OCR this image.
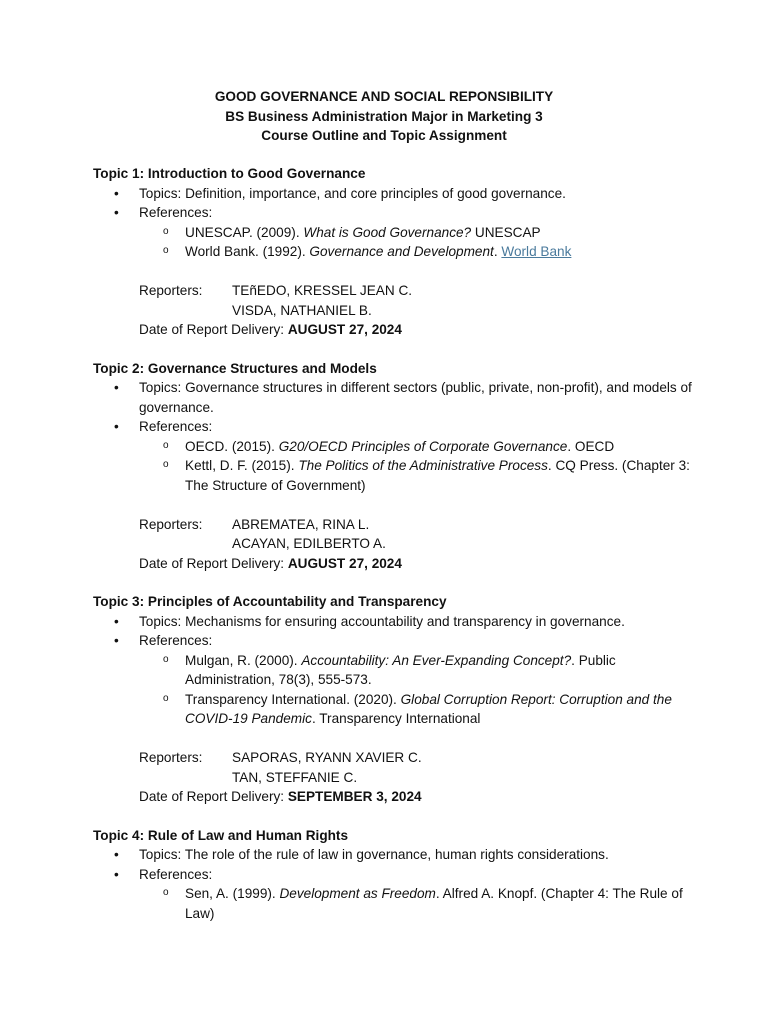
GOOD GOVERNANCE AND SOCIAL REPONSIBILITY
BS Business Administration Major in Marketing 3
Course Outline and Topic Assignment
Topic 1: Introduction to Good Governance
• Topics: Definition, importance, and core principles of good governance.
• References:
o UNESCAP. (2009). What is Good Governance? UNESCAP
o World Bank. (1992). Governance and Development. World Bank
Reporters:	TEñEDO, KRESSEL JEAN C.
VISDA, NATHANIEL B.
Date of Report Delivery: AUGUST 27, 2024
Topic 2: Governance Structures and Models
• Topics: Governance structures in different sectors (public, private, non-profit), and models of governance.
• References:
o OECD. (2015). G20/OECD Principles of Corporate Governance. OECD
o Kettl, D. F. (2015). The Politics of the Administrative Process. CQ Press. (Chapter 3: The Structure of Government)
Reporters:	ABREMATEA, RINA L.
ACAYAN, EDILBERTO A.
Date of Report Delivery: AUGUST 27, 2024
Topic 3: Principles of Accountability and Transparency
• Topics: Mechanisms for ensuring accountability and transparency in governance.
• References:
o Mulgan, R. (2000). Accountability: An Ever-Expanding Concept?. Public Administration, 78(3), 555-573.
o Transparency International. (2020). Global Corruption Report: Corruption and the COVID-19 Pandemic. Transparency International
Reporters:	SAPORAS, RYANN XAVIER C.
TAN, STEFFANIE C.
Date of Report Delivery: SEPTEMBER 3, 2024
Topic 4: Rule of Law and Human Rights
• Topics: The role of the rule of law in governance, human rights considerations.
• References:
o Sen, A. (1999). Development as Freedom. Alfred A. Knopf. (Chapter 4: The Rule of Law)
